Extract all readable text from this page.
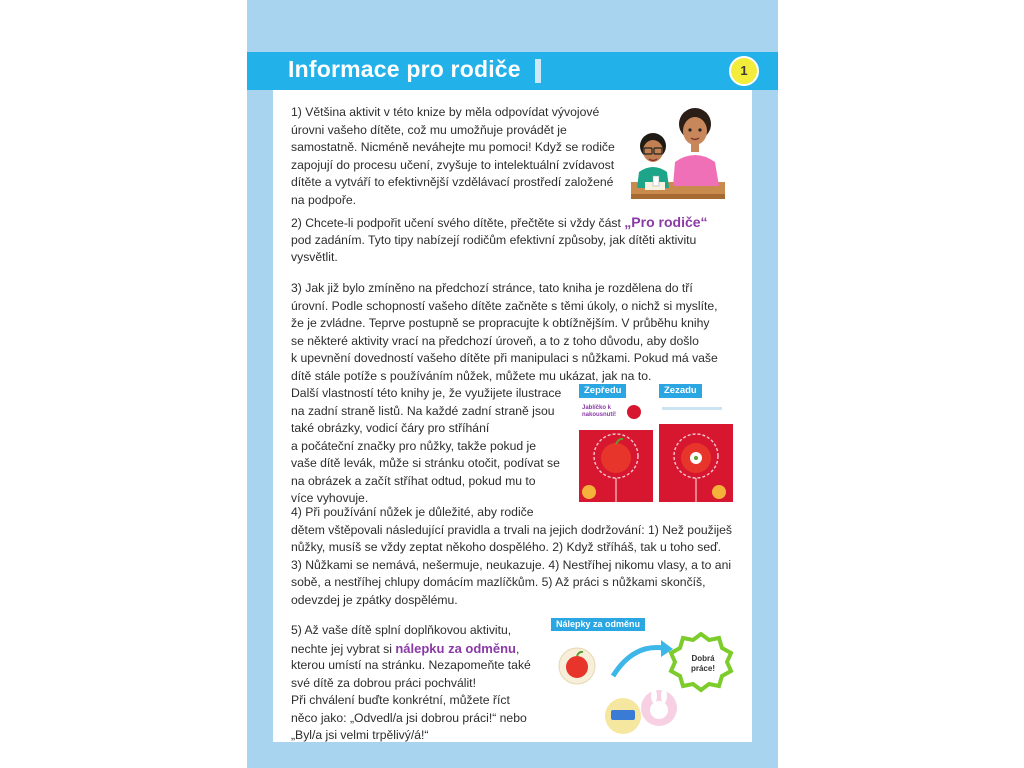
Informace pro rodiče	1

1) Většina aktivit v této knize by měla odpovídat vývojové

úrovni vašeho dítěte, což mu umožňuje provádět je

samostatně. Nicméně neváhejte mu pomoci! Když se rodiče

zapojují do procesu učení, zvyšuje to intelektuální zvídavost

dítěte a vytváří to efektivnější vzdělávací prostředí založené

na podpoře.

2) Chcete-li podpořit učení svého dítěte, přečtěte si vždy část „Pro rodiče“

pod zadáním. Tyto tipy nabízejí rodičům efektivní způsoby, jak dítěti aktivitu

vysvětlit.

3) Jak již bylo zmíněno na předchozí stránce, tato kniha je rozdělena do tří

úrovní. Podle schopností vašeho dítěte začněte s těmi úkoly, o nichž si myslíte,

že je zvládne. Teprve postupně se propracujte k obtížnějším. V průběhu knihy

se některé aktivity vrací na předchozí úroveň, a to z toho důvodu, aby došlo

k upevnění dovedností vašeho dítěte při manipulaci s nůžkami. Pokud má vaše

dítě stále potíže s používáním nůžek, můžete mu ukázat, jak na to.

Další vlastností této knihy je, že využijete ilustrace

na zadní straně listů. Na každé zadní straně jsou

také obrázky, vodicí čáry pro stříhání

a počáteční značky pro nůžky, takže pokud je

vaše dítě levák, může si stránku otočit, podívat se

na obrázek a začít stříhat odtud, pokud mu to

více vyhovuje.

Zepředu
Jablíčko k nakousnutí!
Zezadu

4) Při používání nůžek je důležité, aby rodiče

dětem vštěpovali následující pravidla a trvali na jejich dodržování: 1) Než použiješ

nůžky, musíš se vždy zeptat někoho dospělého. 2) Když stříháš, tak u toho seď.

3) Nůžkami se nemává, nešermuje, neukazuje. 4) Nestříhej nikomu vlasy, a to ani

sobě, a nestříhej chlupy domácím mazlíčkům. 5) Až práci s nůžkami skončíš,

odevzdej je zpátky dospělému.

5) Až vaše dítě splní doplňkovou aktivitu,

nechte jej vybrat si nálepku za odměnu,

kterou umístí na stránku. Nezapomeňte také

své dítě za dobrou práci pochválit!

Při chválení buďte konkrétní, můžete říct

něco jako: „Odvedl/a jsi dobrou práci!“ nebo

„Byl/a jsi velmi trpělivý/á!“

Nálepky za odměnu
Dobrá
práce!
